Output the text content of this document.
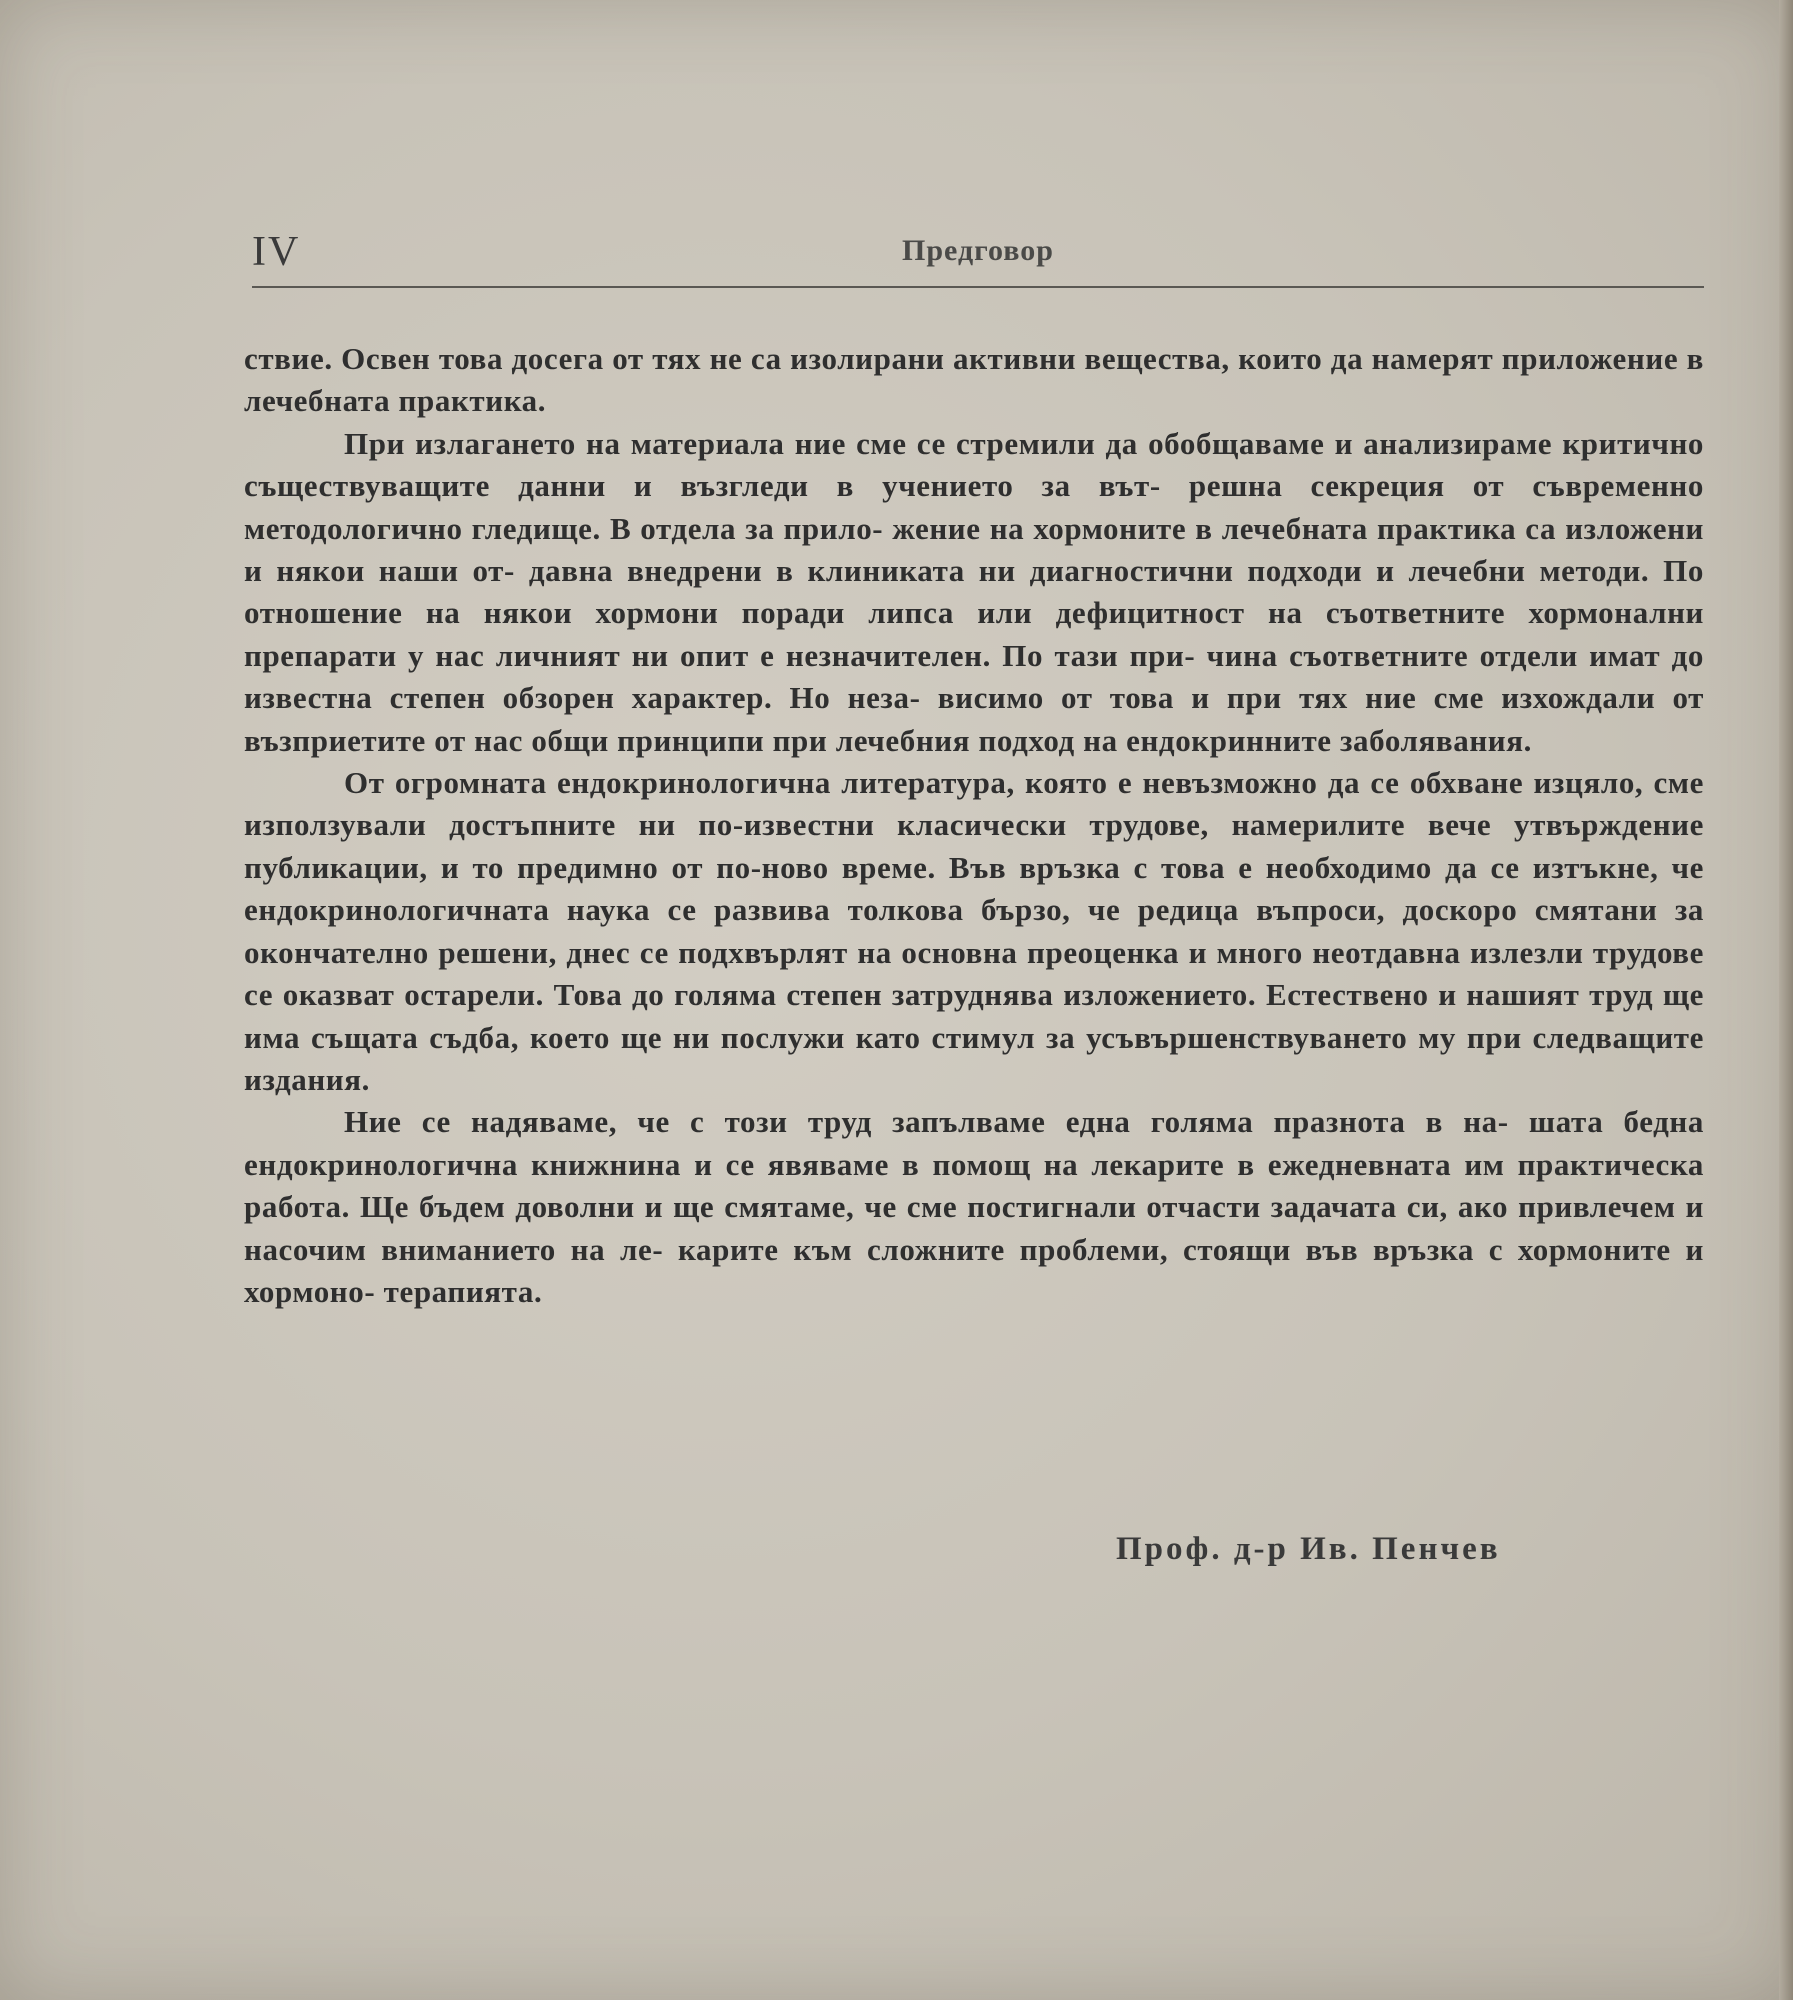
IV	Предговор
ствие. Освен това досега от тях не са изолирани активни вещества, които да намерят приложение в лечебната практика.
При излагането на материала ние сме се стремили да обобщаваме и анализираме критично съществуващите данни и възгледи в учението за вът- решна секреция от съвременно методологично гледище. В отдела за прило- жение на хормоните в лечебната практика са изложени и някои наши от- давна внедрени в клиниката ни диагностични подходи и лечебни методи. По отношение на някои хормони поради липса или дефицитност на съответните хормонални препарати у нас личният ни опит е незначителен. По тази при- чина съответните отдели имат до известна степен обзорен характер. Но неза- висимо от това и при тях ние сме изхождали от възприетите от нас общи принципи при лечебния подход на ендокринните заболявания.
От огромната ендокринологична литература, която е невъзможно да се обхване изцяло, сме използували достъпните ни по-известни класически трудове, намерилите вече утвърждение публикации, и то предимно от по-ново време. Във връзка с това е необходимо да се изтъкне, че ендокринологичната наука се развива толкова бързо, че редица въпроси, доскоро смятани за окончателно решени, днес се подхвърлят на основна преоценка и много неотдавна излезли трудове се оказват остарели. Това до голяма степен затруднява изложението. Естествено и нашият труд ще има същата съдба, което ще ни послужи като стимул за усъвършенствуването му при следващите издания.
Ние се надяваме, че с този труд запълваме една голяма празнота в на- шата бедна ендокринологична книжнина и се явяваме в помощ на лекарите в ежедневната им практическа работа. Ще бъдем доволни и ще смятаме, че сме постигнали отчасти задачата си, ако привлечем и насочим вниманието на ле- карите към сложните проблеми, стоящи във връзка с хормоните и хормоно- терапията.
Проф. д-р Ив. Пенчев
